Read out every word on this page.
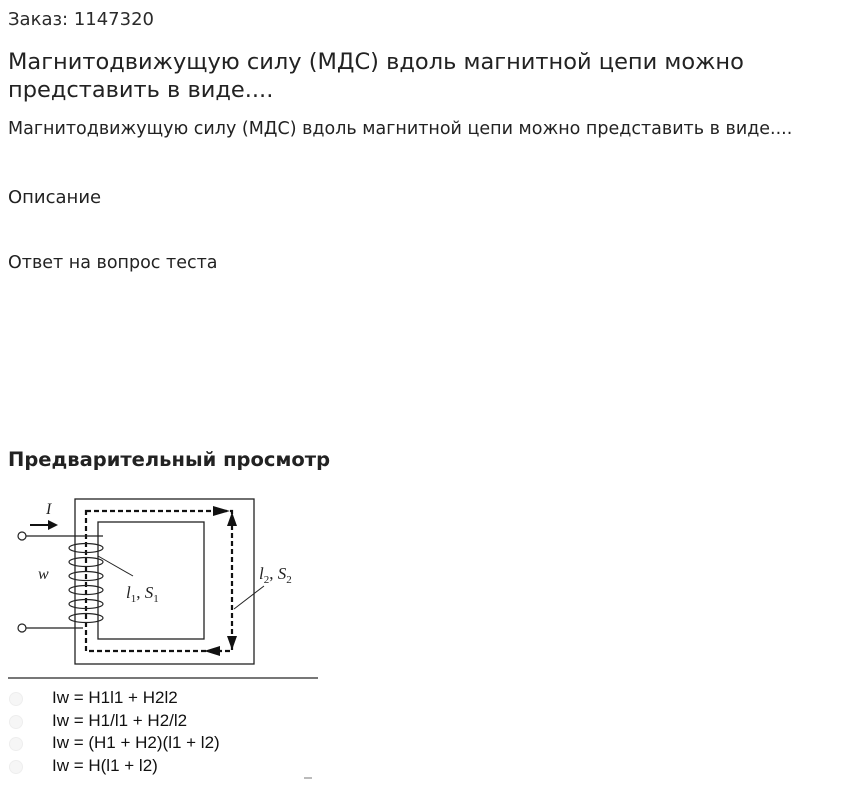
Заказ: 1147320
Магнитодвижущую силу (МДС) вдоль магнитной цепи можно представить в виде....
Магнитодвижущую силу (МДС) вдоль магнитной цепи можно представить в виде....
Описание
Ответ на вопрос теста
Предварительный просмотр
I
w
$l_1$, $S_1$
$l_2$, $S_2$
Iw = H1l1 + H2l2
Iw = H1/l1 + H2/l2
Iw = (H1 + H2)(l1 + l2)
Iw = H(l1 + l2)
